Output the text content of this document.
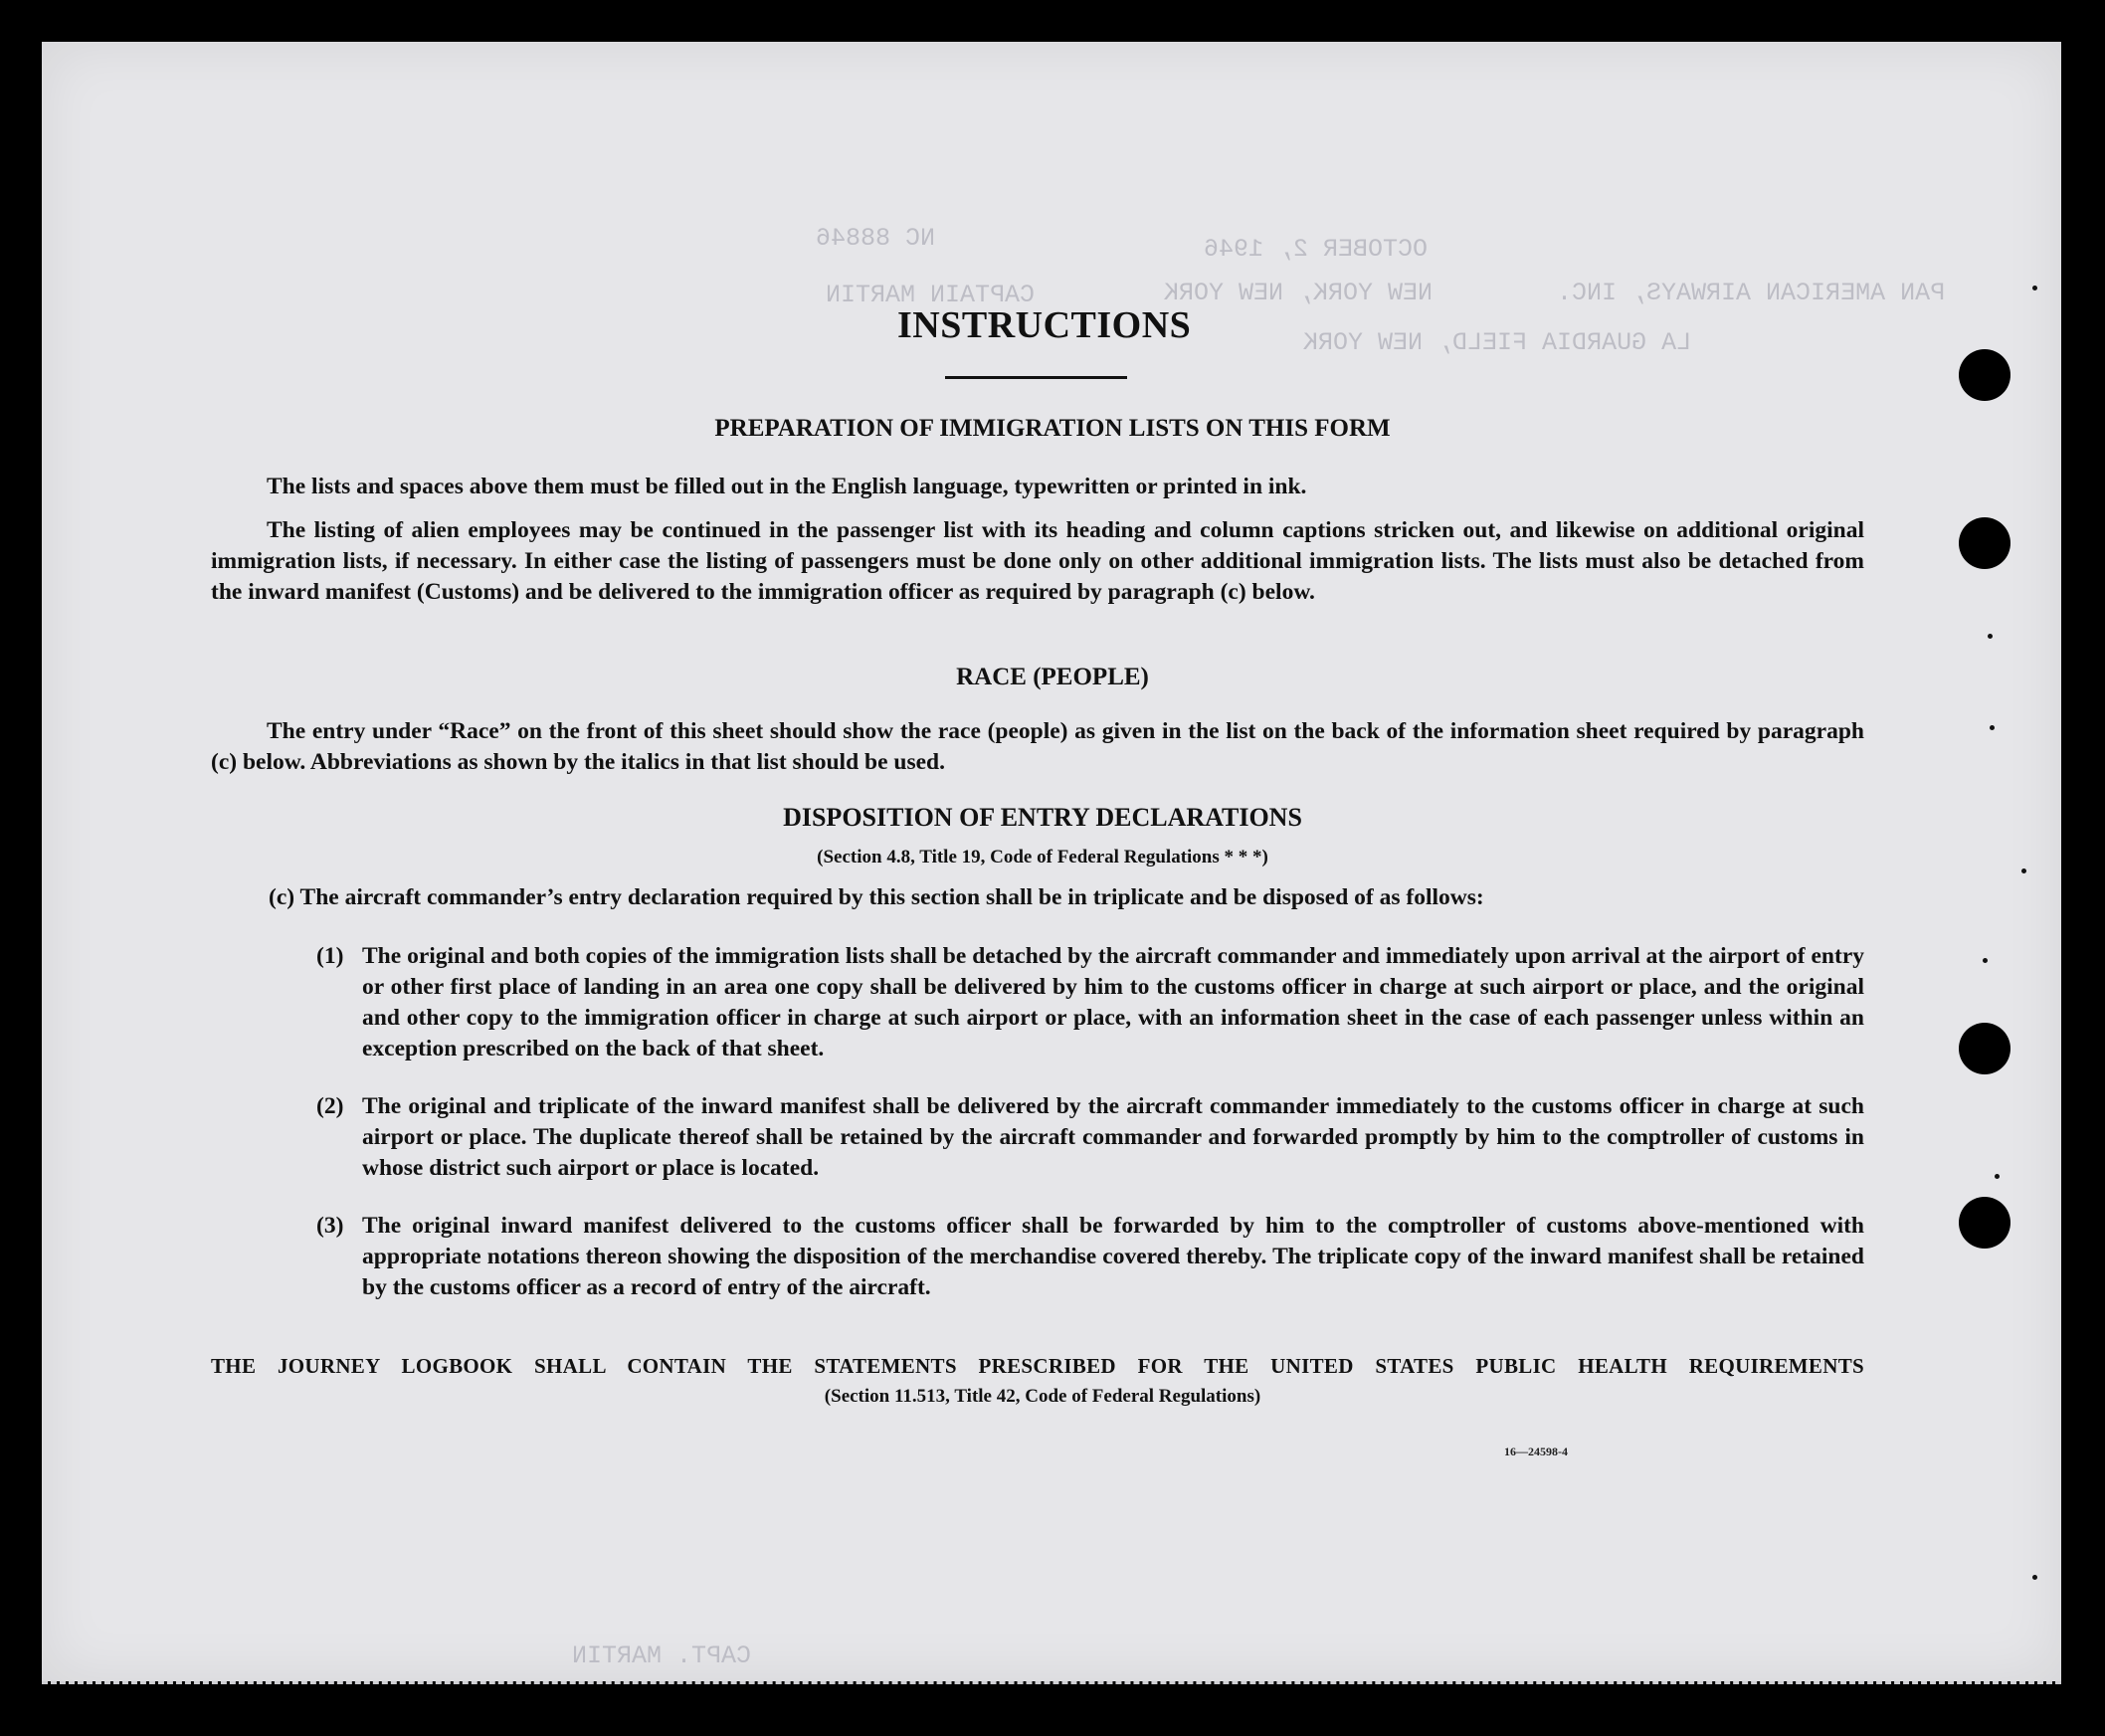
NC 88846	OCTOBER 2, 1946
PAN AMERICAN AIRWAYS, INC.
NEW YORK, NEW YORK
CAPTAIN MARTIN
LA GUARDIA FIELD, NEW YORK
CAPT. MARTIN
INSTRUCTIONS
PREPARATION OF IMMIGRATION LISTS ON THIS FORM
The lists and spaces above them must be filled out in the English language, typewritten or printed in ink.
The listing of alien employees may be continued in the passenger list with its heading and column captions stricken out, and likewise on additional original immigration lists, if necessary. In either case the listing of passengers must be done only on other additional immigration lists. The lists must also be detached from the inward manifest (Customs) and be delivered to the immigration officer as required by paragraph (c) below.
RACE (PEOPLE)
The entry under “Race” on the front of this sheet should show the race (people) as given in the list on the back of the information sheet required by paragraph (c) below. Abbreviations as shown by the italics in that list should be used.
DISPOSITION OF ENTRY DECLARATIONS
(Section 4.8, Title 19, Code of Federal Regulations * * *)
(c) The aircraft commander’s entry declaration required by this section shall be in triplicate and be disposed of as follows:
(1) The original and both copies of the immigration lists shall be detached by the aircraft commander and immediately upon arrival at the airport of entry or other first place of landing in an area one copy shall be delivered by him to the customs officer in charge at such airport or place, and the original and other copy to the immigration officer in charge at such airport or place, with an information sheet in the case of each passenger unless within an exception prescribed on the back of that sheet.
(2) The original and triplicate of the inward manifest shall be delivered by the aircraft commander immediately to the customs officer in charge at such airport or place. The duplicate thereof shall be retained by the aircraft commander and forwarded promptly by him to the comptroller of customs in whose district such airport or place is located.
(3) The original inward manifest delivered to the customs officer shall be forwarded by him to the comptroller of customs above-mentioned with appropriate notations thereon showing the disposition of the merchandise covered thereby. The triplicate copy of the inward manifest shall be retained by the customs officer as a record of entry of the aircraft.
THE JOURNEY LOGBOOK SHALL CONTAIN THE STATEMENTS PRESCRIBED FOR THE UNITED STATES PUBLIC HEALTH REQUIREMENTS
(Section 11.513, Title 42, Code of Federal Regulations)
16—24598-4
